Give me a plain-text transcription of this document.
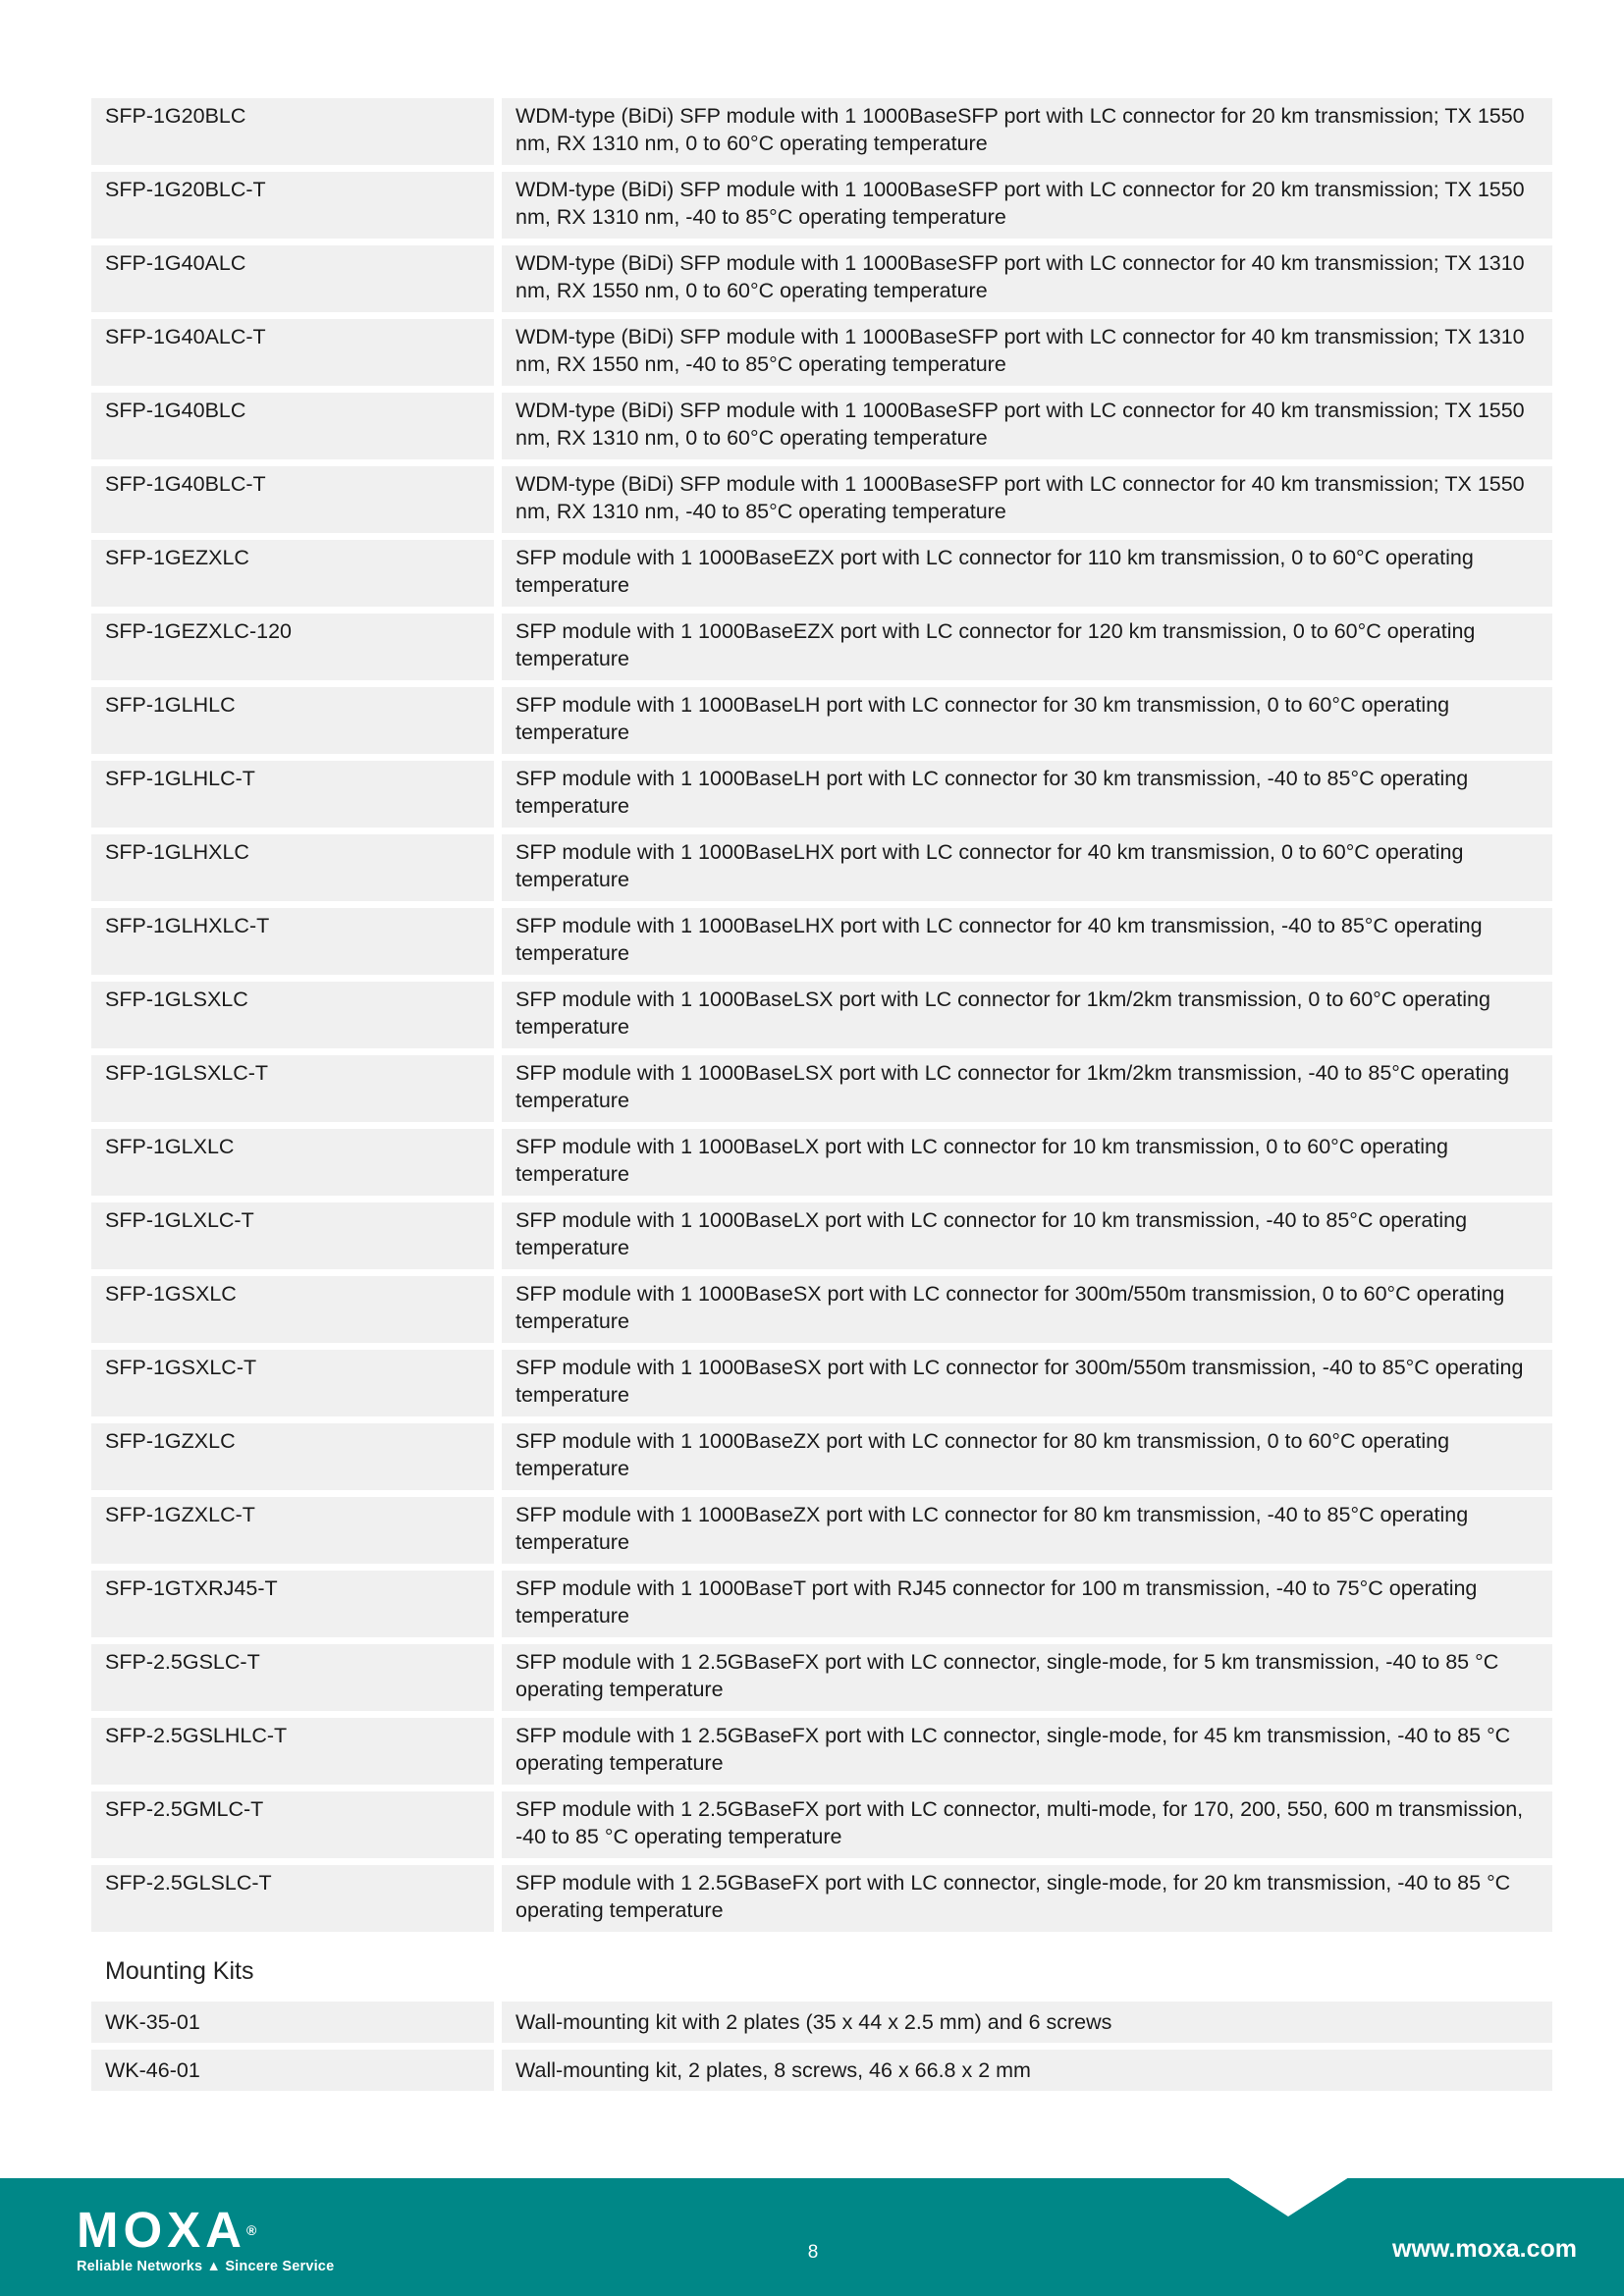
SFP-1G20BLC	WDM-type (BiDi) SFP module with 1 1000BaseSFP port with LC connector for 20 km transmission; TX 1550 nm, RX 1310 nm, 0 to 60°C operating temperature
SFP-1G20BLC-T	WDM-type (BiDi) SFP module with 1 1000BaseSFP port with LC connector for 20 km transmission; TX 1550 nm, RX 1310 nm, -40 to 85°C operating temperature
SFP-1G40ALC	WDM-type (BiDi) SFP module with 1 1000BaseSFP port with LC connector for 40 km transmission; TX 1310 nm, RX 1550 nm, 0 to 60°C operating temperature
SFP-1G40ALC-T	WDM-type (BiDi) SFP module with 1 1000BaseSFP port with LC connector for 40 km transmission; TX 1310 nm, RX 1550 nm, -40 to 85°C operating temperature
SFP-1G40BLC	WDM-type (BiDi) SFP module with 1 1000BaseSFP port with LC connector for 40 km transmission; TX 1550 nm, RX 1310 nm, 0 to 60°C operating temperature
SFP-1G40BLC-T	WDM-type (BiDi) SFP module with 1 1000BaseSFP port with LC connector for 40 km transmission; TX 1550 nm, RX 1310 nm, -40 to 85°C operating temperature
SFP-1GEZXLC	SFP module with 1 1000BaseEZX port with LC connector for 110 km transmission, 0 to 60°C operating temperature
SFP-1GEZXLC-120	SFP module with 1 1000BaseEZX port with LC connector for 120 km transmission, 0 to 60°C operating temperature
SFP-1GLHLC	SFP module with 1 1000BaseLH port with LC connector for 30 km transmission, 0 to 60°C operating temperature
SFP-1GLHLC-T	SFP module with 1 1000BaseLH port with LC connector for 30 km transmission, -40 to 85°C operating temperature
SFP-1GLHXLC	SFP module with 1 1000BaseLHX port with LC connector for 40 km transmission, 0 to 60°C operating temperature
SFP-1GLHXLC-T	SFP module with 1 1000BaseLHX port with LC connector for 40 km transmission, -40 to 85°C operating temperature
SFP-1GLSXLC	SFP module with 1 1000BaseLSX port with LC connector for 1km/2km transmission, 0 to 60°C operating temperature
SFP-1GLSXLC-T	SFP module with 1 1000BaseLSX port with LC connector for 1km/2km transmission, -40 to 85°C operating temperature
SFP-1GLXLC	SFP module with 1 1000BaseLX port with LC connector for 10 km transmission, 0 to 60°C operating temperature
SFP-1GLXLC-T	SFP module with 1 1000BaseLX port with LC connector for 10 km transmission, -40 to 85°C operating temperature
SFP-1GSXLC	SFP module with 1 1000BaseSX port with LC connector for 300m/550m transmission, 0 to 60°C operating temperature
SFP-1GSXLC-T	SFP module with 1 1000BaseSX port with LC connector for 300m/550m transmission, -40 to 85°C operating temperature
SFP-1GZXLC	SFP module with 1 1000BaseZX port with LC connector for 80 km transmission, 0 to 60°C operating temperature
SFP-1GZXLC-T	SFP module with 1 1000BaseZX port with LC connector for 80 km transmission, -40 to 85°C operating temperature
SFP-1GTXRJ45-T	SFP module with 1 1000BaseT port with RJ45 connector for 100 m transmission, -40 to 75°C operating temperature
SFP-2.5GSLC-T	SFP module with 1 2.5GBaseFX port with LC connector, single-mode, for 5 km transmission, -40 to 85 °C operating temperature
SFP-2.5GSLHLC-T	SFP module with 1 2.5GBaseFX port with LC connector, single-mode, for 45 km transmission, -40 to 85 °C operating temperature
SFP-2.5GMLC-T	SFP module with 1 2.5GBaseFX port with LC connector, multi-mode, for 170, 200, 550, 600 m transmission, -40 to 85 °C operating temperature
SFP-2.5GLSLC-T	SFP module with 1 2.5GBaseFX port with LC connector, single-mode, for 20 km transmission, -40 to 85 °C operating temperature
Mounting Kits
WK-35-01	Wall-mounting kit with 2 plates (35 x 44 x 2.5 mm) and 6 screws
WK-46-01	Wall-mounting kit, 2 plates, 8 screws, 46 x 66.8 x 2 mm
MOXA®
Reliable Networks ▲ Sincere Service
8	www.moxa.com
